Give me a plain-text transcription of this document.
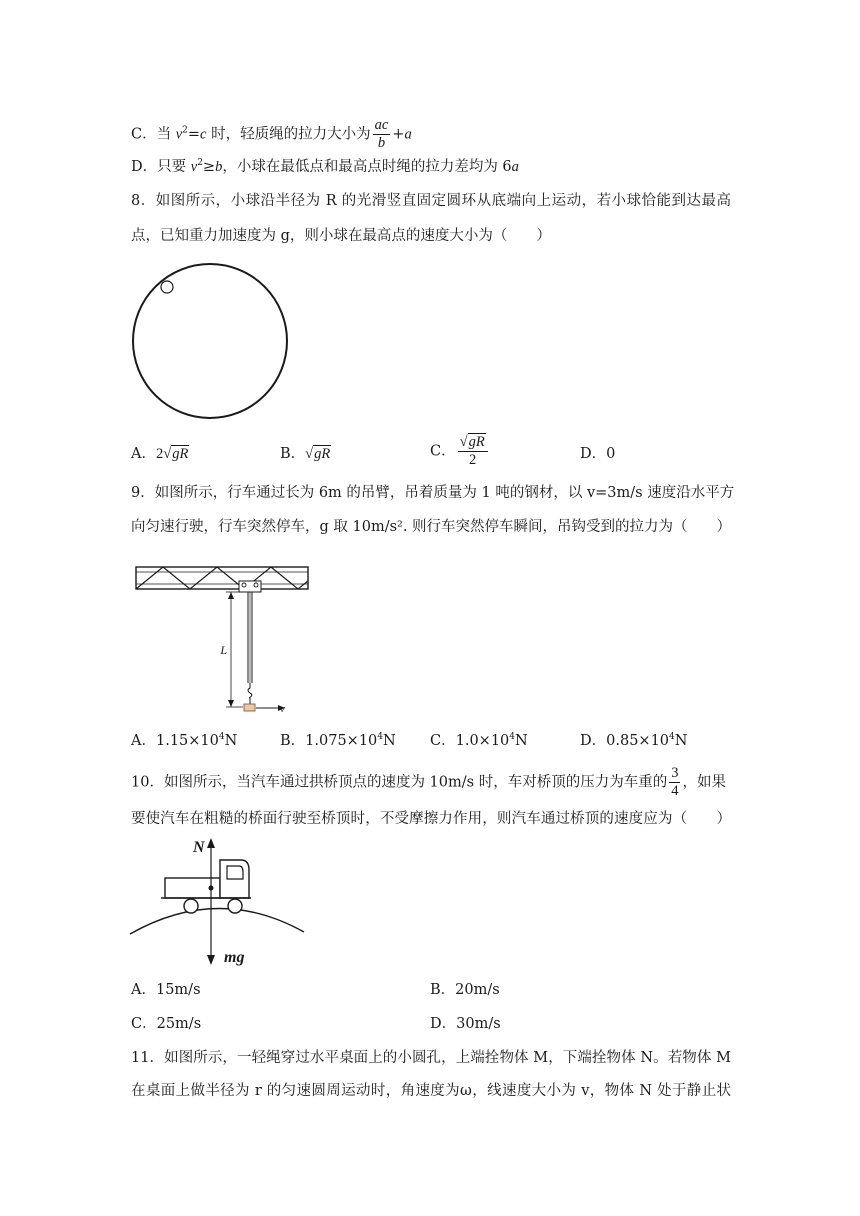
C．当 $v^2=c$ 时，轻质绳的拉力大小为 $\frac{ac}{b} +a$
D．只要 $v^2\ge b$，小球在最低点和最高点时绳的拉力差均为 6a
8．如图所示，小球沿半径为 R 的光滑竖直固定圆环从底端向上运动，若小球恰能到达最高
点，已知重力加速度为 g，则小球在最高点的速度大小为（　　）
A．2√gR	B．√gR	C． $\frac{√gR}{2}$	D．0
9．如图所示，行车通过长为 6m 的吊臂，吊着质量为 1 吨的钢材，以 v=3m/s 速度沿水平方
向匀速行驶，行车突然停车，g 取 10m/s². 则行车突然停车瞬间，吊钩受到的拉力为（　　）
v
L
A．$1.15\times 10^4N$	B．$1.075\times 10^4N$ C．$1.0\times 10^4N$	D．$0.85\times 10^4N$
10．如图所示，当汽车通过拱桥顶点的速度为 10m/s 时，车对桥顶的压力为车重的 $\frac{3}{4}$ ，如果
要使汽车在粗糙的桥面行驶至桥顶时，不受摩擦力作用，则汽车通过桥顶的速度应为（　　）
N
mg
A．15m/s	B．20m/s
C．25m/s	D．30m/s
11．如图所示，一轻绳穿过水平桌面上的小圆孔，上端拴物体 M，下端拴物体 N。若物体 M
在桌面上做半径为 r 的匀速圆周运动时，角速度为ω，线速度大小为 v，物体 N 处于静止状
